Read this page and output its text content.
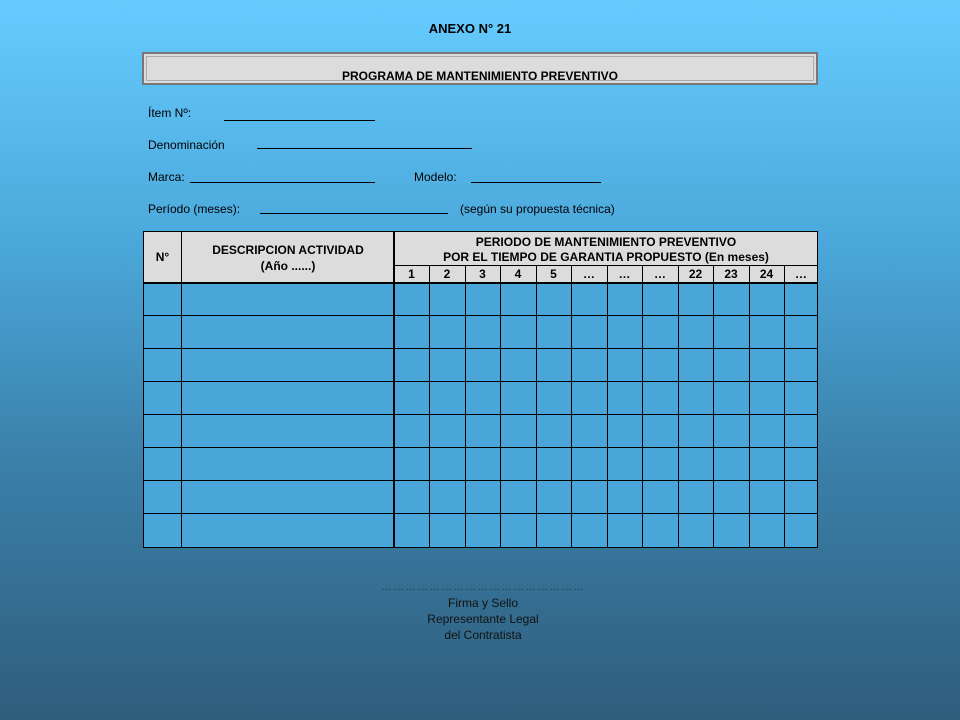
ANEXO N° 21
PROGRAMA DE MANTENIMIENTO PREVENTIVO
Ítem Nº:
Denominación
Marca:	Modelo:
Período (meses):	(según su propuesta técnica)
N°	DESCRIPCION ACTIVIDAD
(Año ......)
PERIODO DE MANTENIMIENTO PREVENTIVO
POR EL TIEMPO DE GARANTIA PROPUESTO (En meses)
1	2	3	4	5	…	…	…	22	23	24	…
……………………………………………
Firma y Sello
Representante Legal
del Contratista
